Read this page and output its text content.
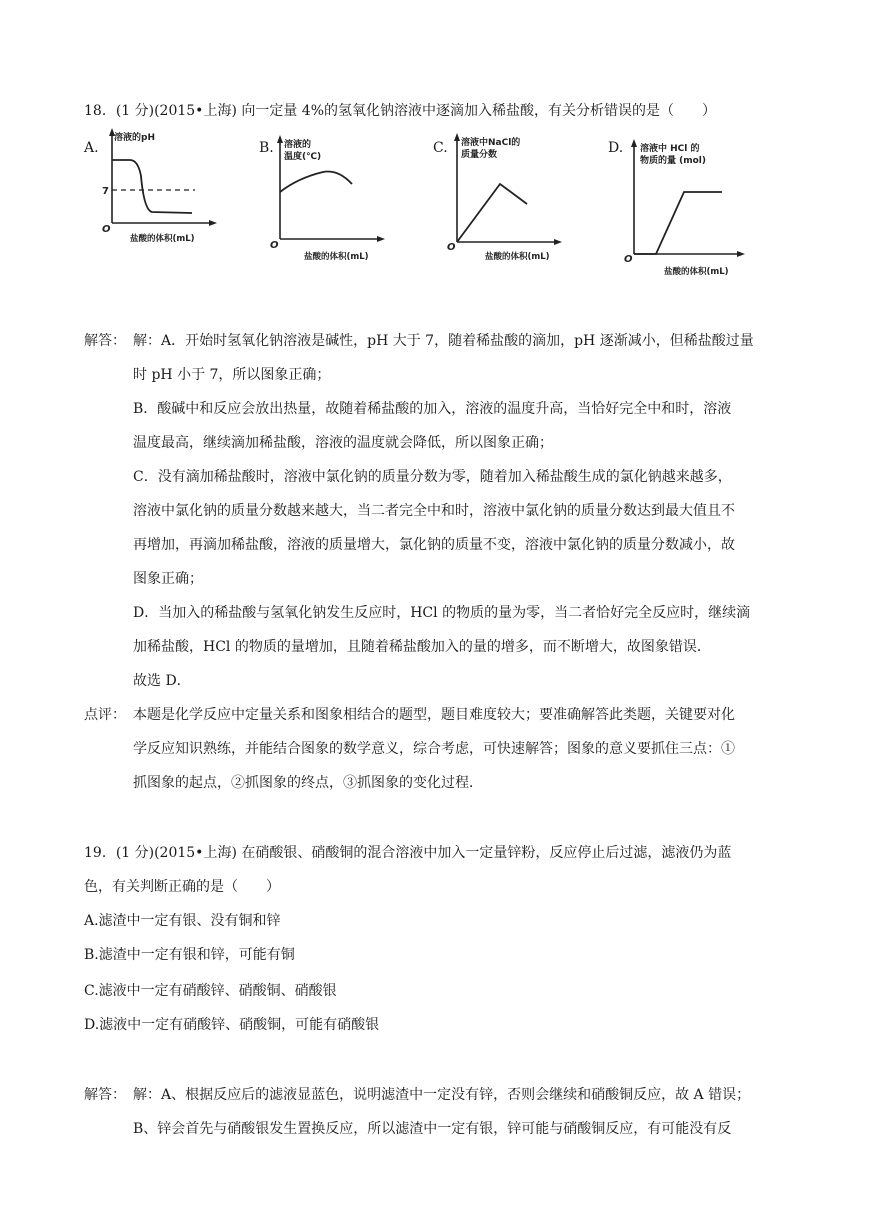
18．(1 分)(2015•上海) 向一定量 4%的氢氧化钠溶液中逐滴加入稀盐酸，有关分析错误的是（　　）
A.	B.	C.	D.
溶液的pH
7
O
盐酸的体积(mL)
溶液的
温度(℃)
O
盐酸的体积(mL)
溶液中NaCl的
质量分数
O
盐酸的体积(mL)
溶液中 HCl 的
物质的量 (mol)
O
盐酸的体积(mL)
解答： 解：A．开始时氢氧化钠溶液是碱性，pH 大于 7，随着稀盐酸的滴加，pH 逐渐减小，但稀盐酸过量
时 pH 小于 7，所以图象正确；
B．酸碱中和反应会放出热量，故随着稀盐酸的加入，溶液的温度升高，当恰好完全中和时，溶液
温度最高，继续滴加稀盐酸，溶液的温度就会降低，所以图象正确；
C．没有滴加稀盐酸时，溶液中氯化钠的质量分数为零，随着加入稀盐酸生成的氯化钠越来越多，
溶液中氯化钠的质量分数越来越大，当二者完全中和时，溶液中氯化钠的质量分数达到最大值且不
再增加，再滴加稀盐酸，溶液的质量增大，氯化钠的质量不变，溶液中氯化钠的质量分数减小，故
图象正确；
D．当加入的稀盐酸与氢氧化钠发生反应时，HCl 的物质的量为零，当二者恰好完全反应时，继续滴
加稀盐酸，HCl 的物质的量增加，且随着稀盐酸加入的量的增多，而不断增大，故图象错误．
故选 D．
点评： 本题是化学反应中定量关系和图象相结合的题型，题目难度较大；要准确解答此类题，关键要对化
学反应知识熟练，并能结合图象的数学意义，综合考虑，可快速解答；图象的意义要抓住三点：①
抓图象的起点，②抓图象的终点，③抓图象的变化过程．
19．(1 分)(2015•上海) 在硝酸银、硝酸铜的混合溶液中加入一定量锌粉，反应停止后过滤，滤液仍为蓝
色，有关判断正确的是（　　）
A.滤渣中一定有银、没有铜和锌
B.滤渣中一定有银和锌，可能有铜
C.滤液中一定有硝酸锌、硝酸铜、硝酸银
D.滤液中一定有硝酸锌、硝酸铜，可能有硝酸银
解答： 解：A、根据反应后的滤液显蓝色，说明滤渣中一定没有锌，否则会继续和硝酸铜反应，故 A 错误；
B、锌会首先与硝酸银发生置换反应，所以滤渣中一定有银，锌可能与硝酸铜反应，有可能没有反
